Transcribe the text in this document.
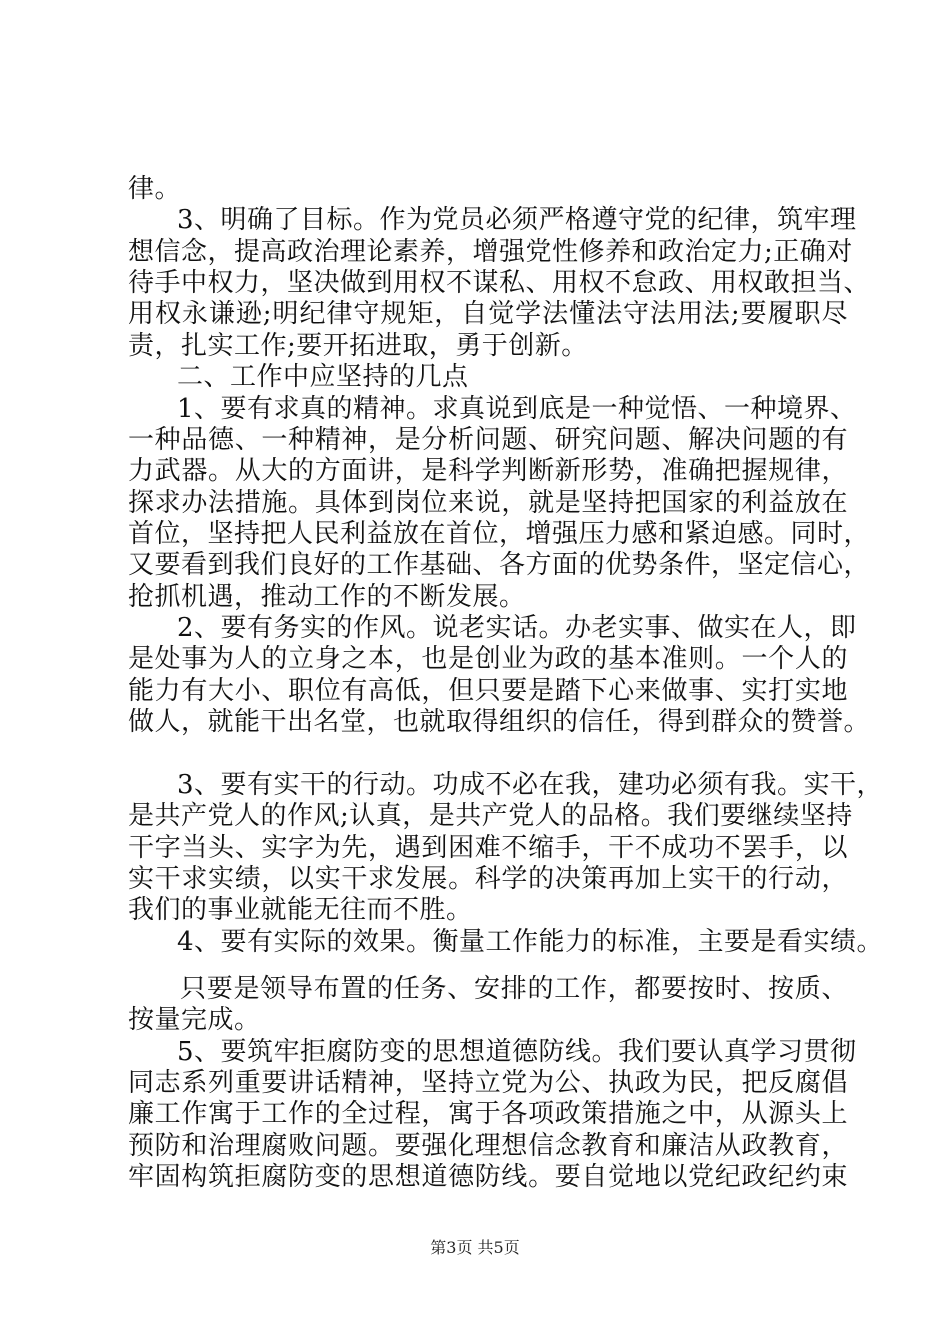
律。
3、明确了目标。作为党员必须严格遵守党的纪律，筑牢理
想信念，提高政治理论素养，增强党性修养和政治定力;正确对
待手中权力，坚决做到用权不谋私、用权不怠政、用权敢担当、
用权永谦逊;明纪律守规矩，自觉学法懂法守法用法;要履职尽
责，扎实工作;要开拓进取，勇于创新。
二、工作中应坚持的几点
1、要有求真的精神。求真说到底是一种觉悟、一种境界、
一种品德、一种精神，是分析问题、研究问题、解决问题的有
力武器。从大的方面讲，是科学判断新形势，准确把握规律，
探求办法措施。具体到岗位来说，就是坚持把国家的利益放在
首位，坚持把人民利益放在首位，增强压力感和紧迫感。同时，
又要看到我们良好的工作基础、各方面的优势条件，坚定信心，
抢抓机遇，推动工作的不断发展。
2、要有务实的作风。说老实话。办老实事、做实在人，即
是处事为人的立身之本，也是创业为政的基本准则。一个人的
能力有大小、职位有高低，但只要是踏下心来做事、实打实地
做人，就能干出名堂，也就取得组织的信任，得到群众的赞誉。
3、要有实干的行动。功成不必在我，建功必须有我。实干，
是共产党人的作风;认真，是共产党人的品格。我们要继续坚持
干字当头、实字为先，遇到困难不缩手，干不成功不罢手，以
实干求实绩，以实干求发展。科学的决策再加上实干的行动，
我们的事业就能无往而不胜。
4、要有实际的效果。衡量工作能力的标准，主要是看实绩。
只要是领导布置的任务、安排的工作，都要按时、按质、
按量完成。
5、要筑牢拒腐防变的思想道德防线。我们要认真学习贯彻
同志系列重要讲话精神，坚持立党为公、执政为民，把反腐倡
廉工作寓于工作的全过程，寓于各项政策措施之中，从源头上
预防和治理腐败问题。要强化理想信念教育和廉洁从政教育，
牢固构筑拒腐防变的思想道德防线。要自觉地以党纪政纪约束
第3页 共5页
